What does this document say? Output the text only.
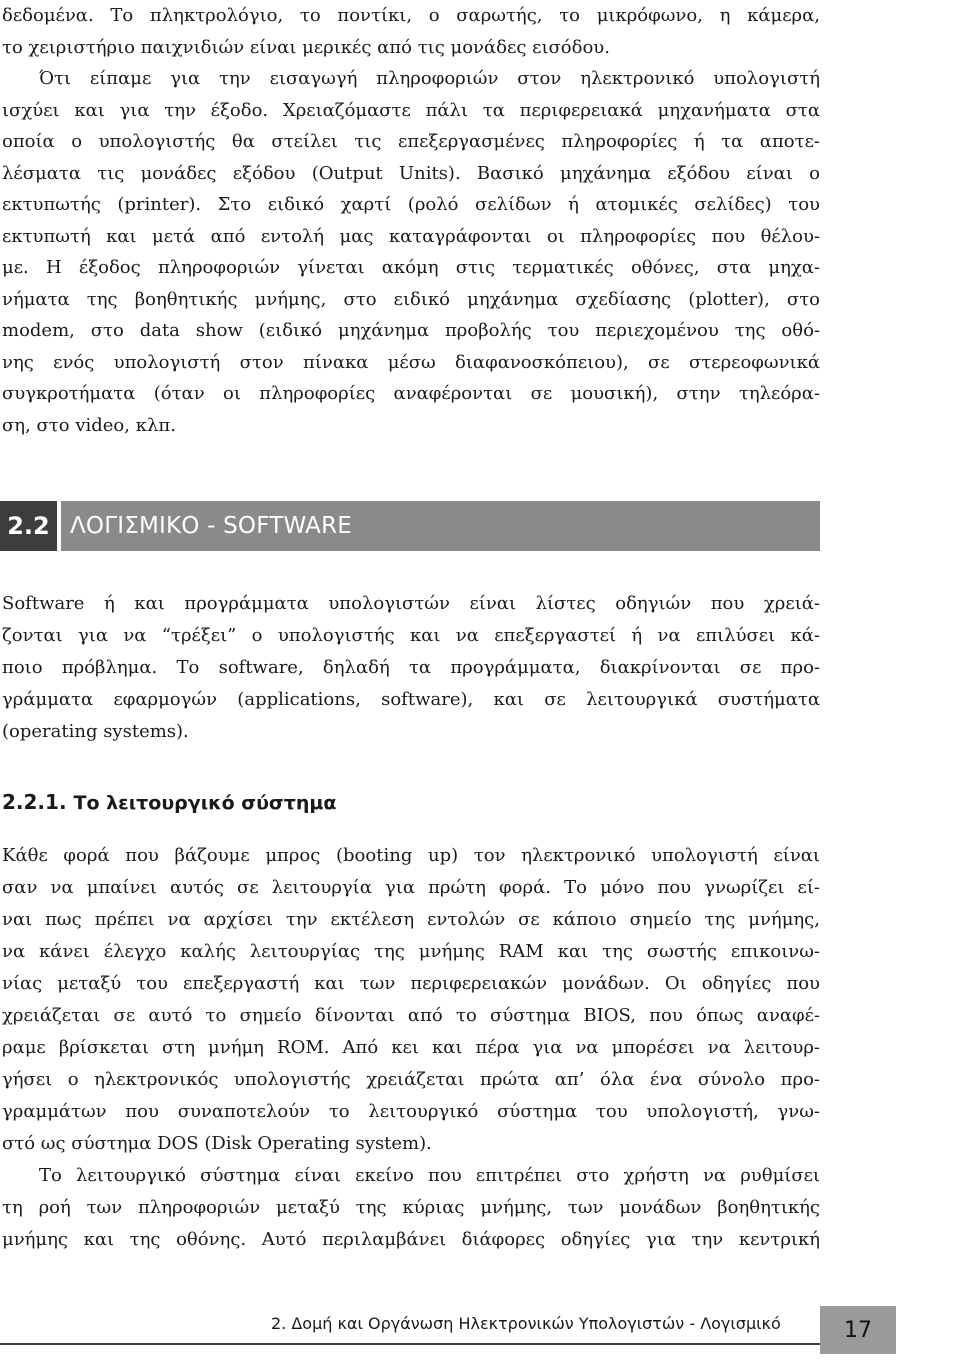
δεδομένα. Το πληκτρολόγιο, το ποντίκι, ο σαρωτής, το μικρόφωνο, η κάμερα,
το χειριστήριο παιχνιδιών είναι μερικές από τις μονάδες εισόδου.
Ότι είπαμε για την εισαγωγή πληροφοριών στον ηλεκτρονικό υπολογιστή
ισχύει και για την έξοδο. Χρειαζόμαστε πάλι τα περιφερειακά μηχανήματα στα
οποία ο υπολογιστής θα στείλει τις επεξεργασμένες πληροφορίες ή τα αποτε-
λέσματα τις μονάδες εξόδου (Output Units). Βασικό μηχάνημα εξόδου είναι ο
εκτυπωτής (printer). Στο ειδικό χαρτί (ρολό σελίδων ή ατομικές σελίδες) του
εκτυπωτή και μετά από εντολή μας καταγράφονται οι πληροφορίες που θέλου-
με. Η έξοδος πληροφοριών γίνεται ακόμη στις τερματικές οθόνες, στα μηχα-
νήματα της βοηθητικής μνήμης, στο ειδικό μηχάνημα σχεδίασης (plotter), στο
modem, στο data show (ειδικό μηχάνημα προβολής του περιεχομένου της οθό-
νης ενός υπολογιστή στον πίνακα μέσω διαφανοσκόπειου), σε στερεοφωνικά
συγκροτήματα (όταν οι πληροφορίες αναφέρονται σε μουσική), στην τηλεόρα-
ση, στο video, κλπ.
2.2 ΛΟΓΙΣΜΙΚΟ - SOFTWARE
Software ή και προγράμματα υπολογιστών είναι λίστες οδηγιών που χρειά-
ζονται για να “τρέξει” ο υπολογιστής και να επεξεργαστεί ή να επιλύσει κά-
ποιο πρόβλημα. Το software, δηλαδή τα προγράμματα, διακρίνονται σε προ-
γράμματα εφαρμογών (applications, software), και σε λειτουργικά συστήματα
(operating systems).
2.2.1. Το λειτουργικό σύστημα
Κάθε φορά που βάζουμε μπρος (booting up) τον ηλεκτρονικό υπολογιστή είναι
σαν να μπαίνει αυτός σε λειτουργία για πρώτη φορά. Το μόνο που γνωρίζει εί-
ναι πως πρέπει να αρχίσει την εκτέλεση εντολών σε κάποιο σημείο της μνήμης,
να κάνει έλεγχο καλής λειτουργίας της μνήμης RAM και της σωστής επικοινω-
νίας μεταξύ του επεξεργαστή και των περιφερειακών μονάδων. Οι οδηγίες που
χρειάζεται σε αυτό το σημείο δίνονται από το σύστημα BIOS, που όπως αναφέ-
ραμε βρίσκεται στη μνήμη ROM. Από κει και πέρα για να μπορέσει να λειτουρ-
γήσει ο ηλεκτρονικός υπολογιστής χρειάζεται πρώτα απ’ όλα ένα σύνολο προ-
γραμμάτων που συναποτελούν το λειτουργικό σύστημα του υπολογιστή, γνω-
στό ως σύστημα DOS (Disk Operating system).
Το λειτουργικό σύστημα είναι εκείνο που επιτρέπει στο χρήστη να ρυθμίσει
τη ροή των πληροφοριών μεταξύ της κύριας μνήμης, των μονάδων βοηθητικής
μνήμης και της οθόνης. Αυτό περιλαμβάνει διάφορες οδηγίες για την κεντρική
2. Δομή και Οργάνωση Ηλεκτρονικών Υπολογιστών - Λογισμικό	17
